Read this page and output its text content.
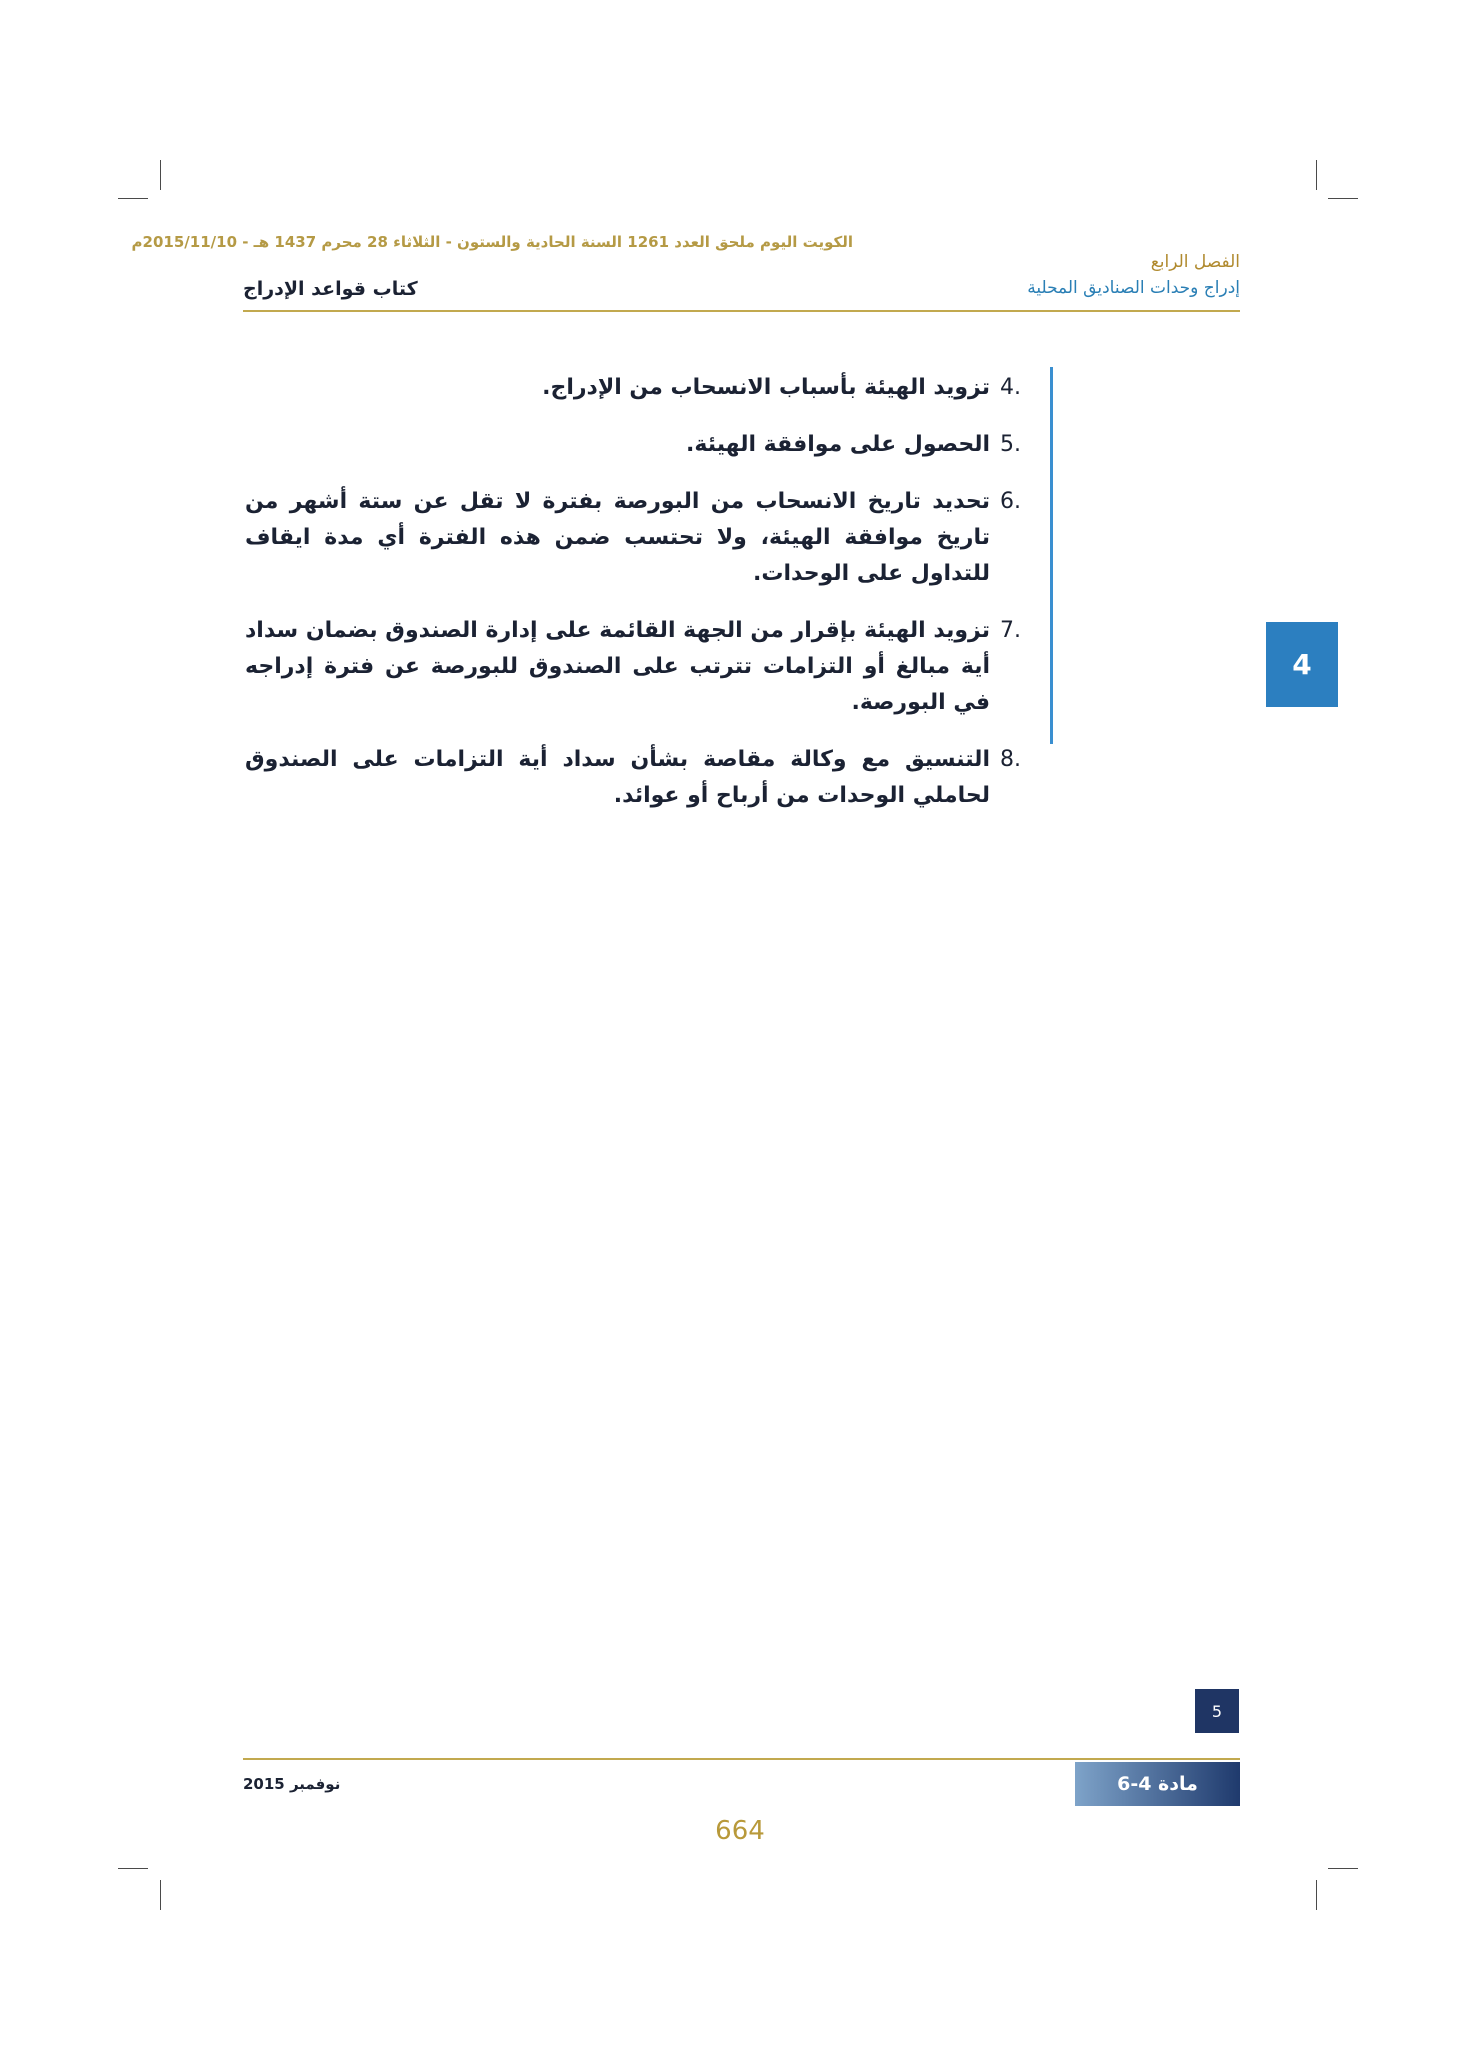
الكويت اليوم ملحق العدد 1261 السنة الحادية والستون - الثلاثاء 28 محرم 1437 هـ - 2015/11/10م
الفصل الرابع
إدراج وحدات الصناديق المحلية
كتاب قواعد الإدراج
4.
تزويد الهيئة بأسباب الانسحاب من الإدراج.
5.
الحصول على موافقة الهيئة.
6.
تحديد تاريخ الانسحاب من البورصة بفترة لا تقل عن ستة أشهر من تاريخ موافقة الهيئة، ولا تحتسب ضمن هذه الفترة أي مدة ايقاف للتداول على الوحدات.
7.
تزويد الهيئة بإقرار من الجهة القائمة على إدارة الصندوق بضمان سداد أية مبالغ أو التزامات تترتب على الصندوق للبورصة عن فترة إدراجه في البورصة.
8.
التنسيق مع وكالة مقاصة بشأن سداد أية التزامات على الصندوق لحاملي الوحدات من أرباح أو عوائد.
4
5
مادة 4-6
نوفمبر 2015
664
